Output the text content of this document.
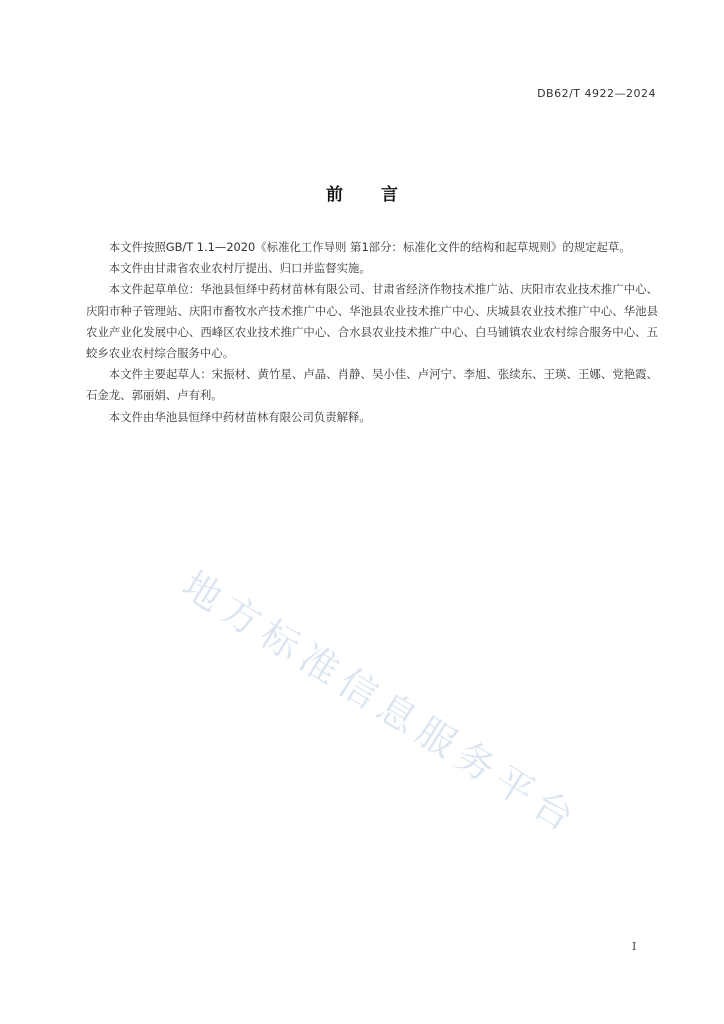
DB62/T 4922—2024
前言

本文件按照GB/T 1.1—2020《标准化工作导则 第1部分：标准化文件的结构和起草规则》的规定起草。

本文件由甘肃省农业农村厅提出、归口并监督实施。

本文件起草单位：华池县恒绎中药材苗林有限公司、甘肃省经济作物技术推广站、庆阳市农业技术推广中心、庆阳市种子管理站、庆阳市畜牧水产技术推广中心、华池县农业技术推广中心、庆城县农业技术推广中心、华池县农业产业化发展中心、西峰区农业技术推广中心、合水县农业技术推广中心、白马铺镇农业农村综合服务中心、五蛟乡农业农村综合服务中心。

本文件主要起草人：宋振材、黄竹星、卢晶、肖静、吴小佳、卢河宁、李旭、张续东、王瑛、王娜、党艳霞、石金龙、郭丽娟、卢有利。

本文件由华池县恒绎中药材苗林有限公司负责解释。

地方标准信息服务平台
I
